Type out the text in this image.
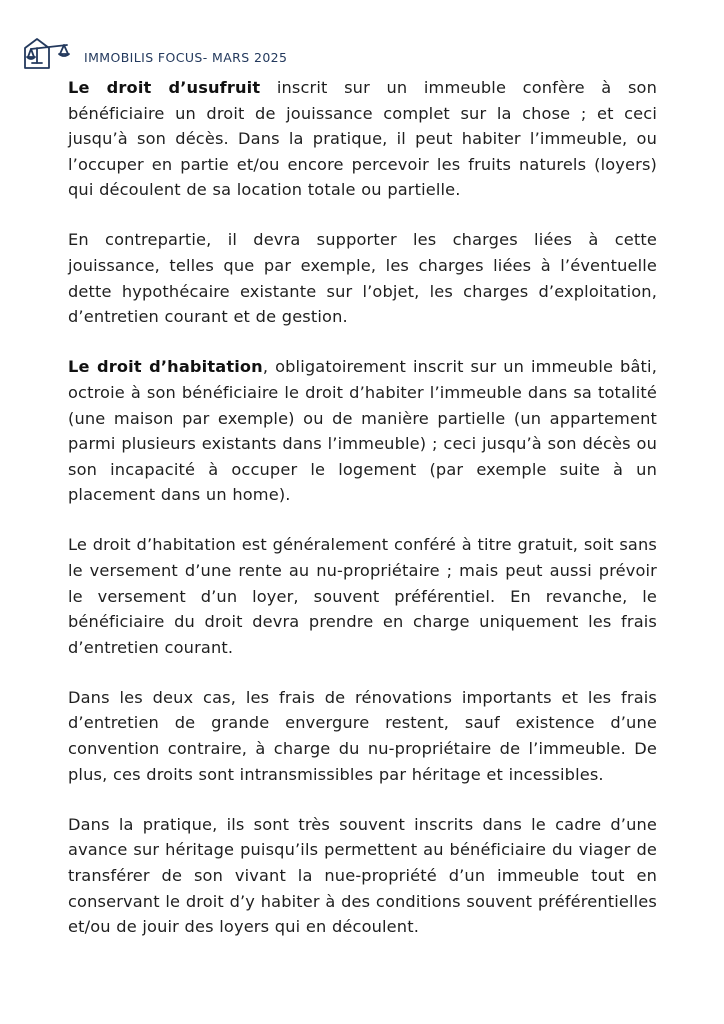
IMMOBILIS FOCUS- MARS 2025

Le droit d’usufruit inscrit sur un immeuble confère à son bénéficiaire un droit de jouissance complet sur la chose ; et ceci jusqu’à son décès. Dans la pratique, il peut habiter l’immeuble, ou l’occuper en partie et/ou encore percevoir les fruits naturels (loyers) qui découlent de sa location totale ou partielle.

En contrepartie, il devra supporter les charges liées à cette jouissance, telles que par exemple, les charges liées à l’éventuelle dette hypothécaire existante sur l’objet, les charges d’exploitation, d’entretien courant et de gestion.

Le droit d’habitation, obligatoirement inscrit sur un immeuble bâti, octroie à son bénéficiaire le droit d’habiter l’immeuble dans sa totalité (une maison par exemple) ou de manière partielle (un appartement parmi plusieurs existants dans l’immeuble) ; ceci jusqu’à son décès ou son incapacité à occuper le logement (par exemple suite à un placement dans un home).

Le droit d’habitation est généralement conféré à titre gratuit, soit sans le versement d’une rente au nu-propriétaire ; mais peut aussi prévoir le versement d’un loyer, souvent préférentiel. En revanche, le bénéficiaire du droit devra prendre en charge uniquement les frais d’entretien courant.

Dans les deux cas, les frais de rénovations importants et les frais d’entretien de grande envergure restent, sauf existence d’une convention contraire, à charge du nu-propriétaire de l’immeuble. De plus, ces droits sont intransmissibles par héritage et incessibles.

Dans la pratique, ils sont très souvent inscrits dans le cadre d’une avance sur héritage puisqu’ils permettent au bénéficiaire du viager de transférer de son vivant la nue-propriété d’un immeuble tout en conservant le droit d’y habiter à des conditions souvent préférentielles et/ou de jouir des loyers qui en découlent.
